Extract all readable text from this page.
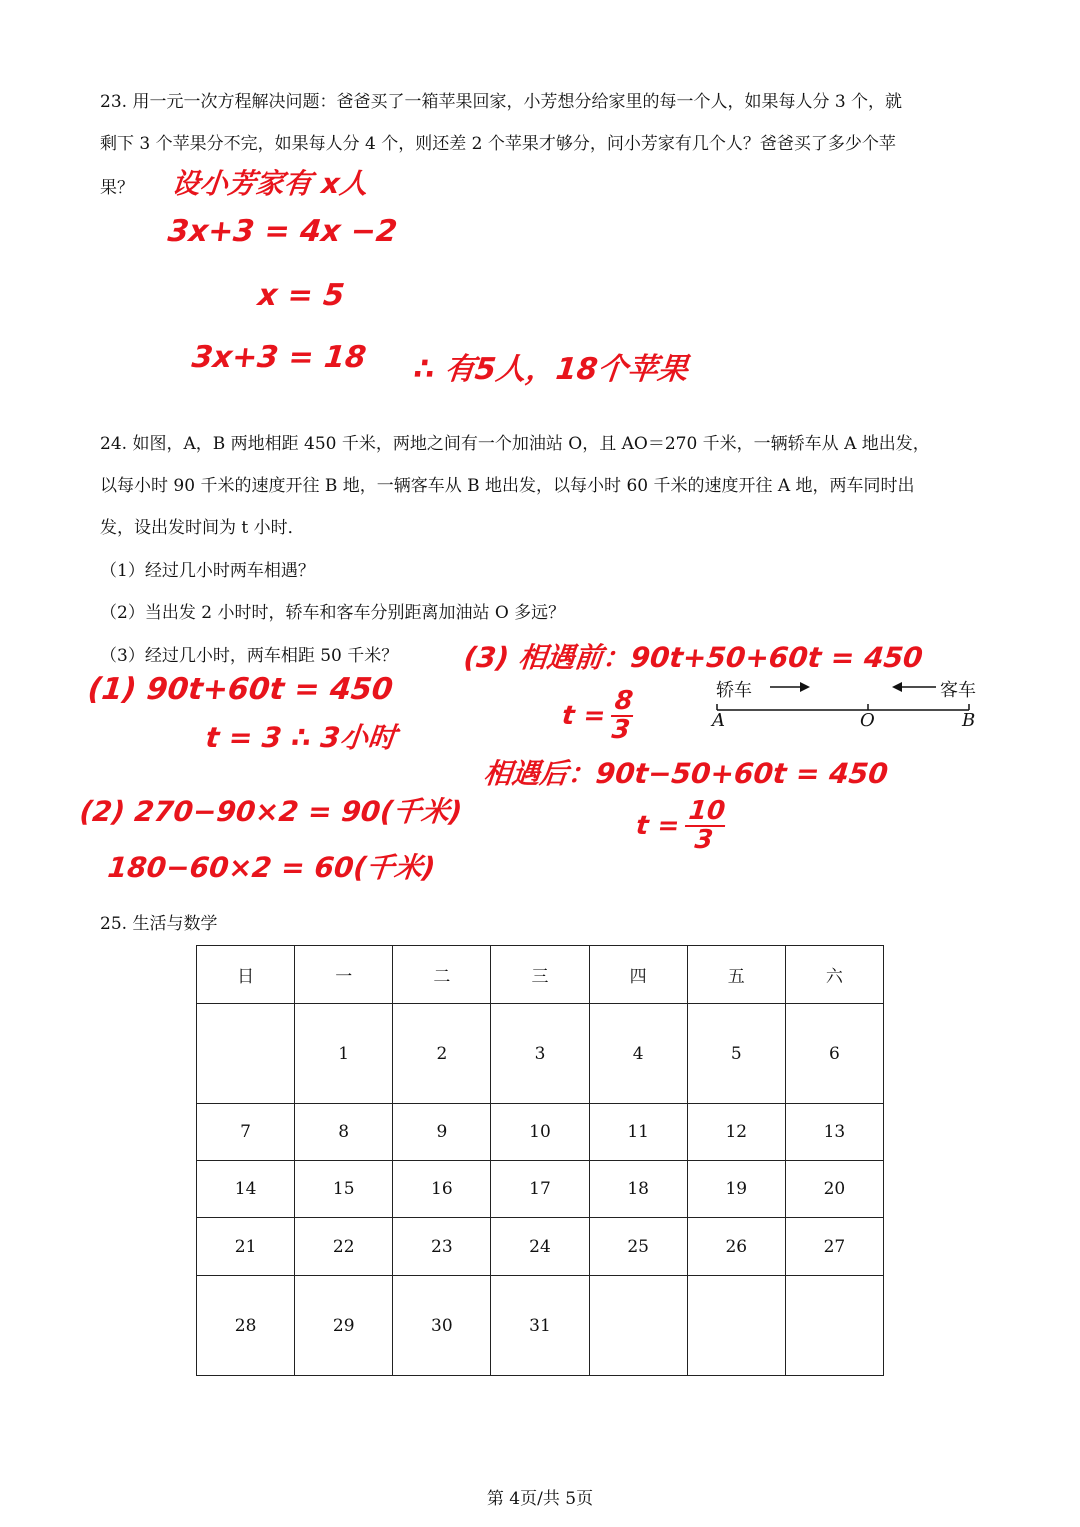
23. 用一元一次方程解决问题：爸爸买了一箱苹果回家，小芳想分给家里的每一个人，如果每人分 3 个，就
剩下 3 个苹果分不完，如果每人分 4 个，则还差 2 个苹果才够分，问小芳家有几个人？爸爸买了多少个苹
果？ 设小芳家有 x人
3x+3 = 4x −2
x = 5
3x+3 = 18 ∴ 有5人，18个苹果
24. 如图，A，B 两地相距 450 千米，两地之间有一个加油站 O，且 AO＝270 千米，一辆轿车从 A 地出发，
以每小时 90 千米的速度开往 B 地，一辆客车从 B 地出发，以每小时 60 千米的速度开往 A 地，两车同时出
发，设出发时间为 t 小时．
（1）经过几小时两车相遇？
（2）当出发 2 小时时，轿车和客车分别距离加油站 O 多远？
（3）经过几小时，两车相距 50 千米？
轿车	客车
A	O	B
(1) 90t+60t = 450
t = 3 ∴ 3小时
(2) 270−90×2 = 90(千米)
180−60×2 = 60(千米)
(3) 相遇前：90t+50+60t = 450
$t = \frac{8}{3}$
相遇后：90t−50+60t = 450
$t = \frac{10}{3}$
25. 生活与数学
日	一	二	三	四	五	六
	1	2	3	4	5	6
7	8	9	10	11	12	13
14	15	16	17	18	19	20
21	22	23	24	25	26	27
28	29	30	31			
第 4页/共 5页
